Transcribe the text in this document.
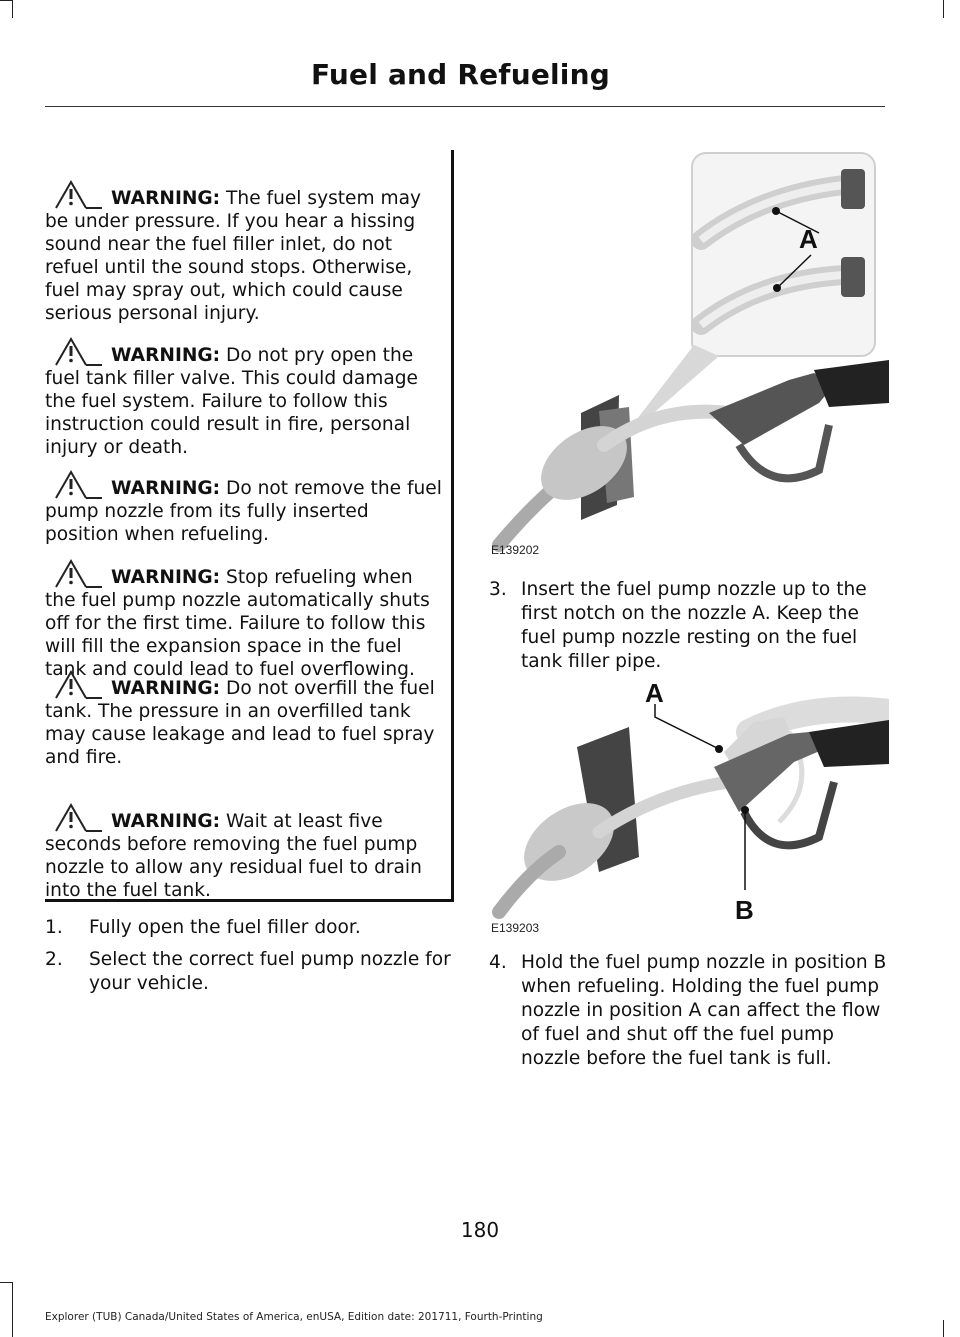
Fuel and Refueling
WARNING: The fuel system may be under pressure. If you hear a hissing sound near the fuel filler inlet, do not refuel until the sound stops. Otherwise, fuel may spray out, which could cause serious personal injury.
WARNING: Do not pry open the fuel tank filler valve. This could damage the fuel system. Failure to follow this instruction could result in fire, personal injury or death.
WARNING: Do not remove the fuel pump nozzle from its fully inserted position when refueling.
WARNING: Stop refueling when the fuel pump nozzle automatically shuts off for the first time. Failure to follow this will fill the expansion space in the fuel tank and could lead to fuel overflowing.
WARNING: Do not overfill the fuel tank. The pressure in an overfilled tank may cause leakage and lead to fuel spray and fire.
WARNING: Wait at least five seconds before removing the fuel pump nozzle to allow any residual fuel to drain into the fuel tank.
1. Fully open the fuel filler door.
2. Select the correct fuel pump nozzle for your vehicle.
A
E139202
3. Insert the fuel pump nozzle up to the first notch on the nozzle A. Keep the fuel pump nozzle resting on the fuel tank filler pipe.
A
B
E139203
4. Hold the fuel pump nozzle in position B when refueling. Holding the fuel pump nozzle in position A can affect the flow of fuel and shut off the fuel pump nozzle before the fuel tank is full.
180
Explorer (TUB) Canada/United States of America, enUSA, Edition date: 201711, Fourth-Printing
